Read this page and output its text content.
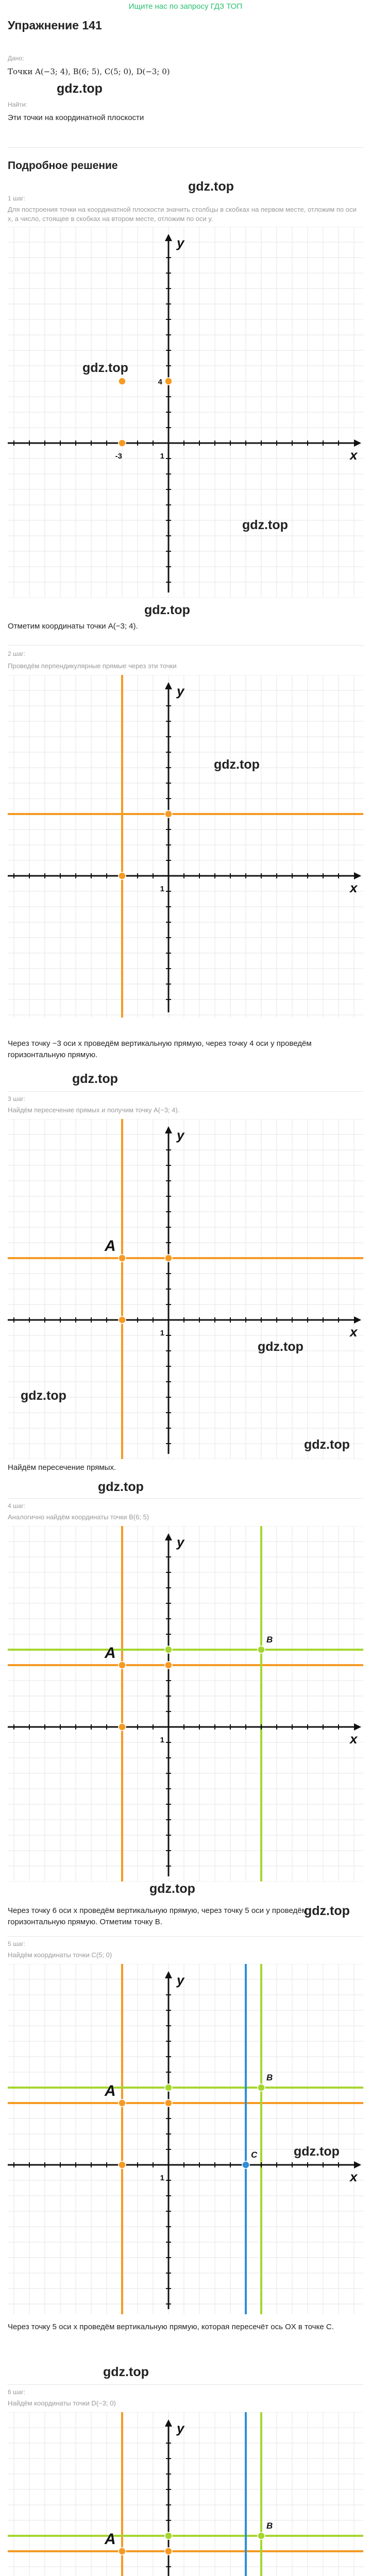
Ищите нас по запросу ГДЗ ТОП
Упражнение 141
Дано:
Точки A(−3; 4), B(6; 5), C(5; 0), D(−3; 0)
gdz.top
Найти:
Эти точки на координатной плоскости
Подробное решение
gdz.top
1 шаг:
Для построения точки на координатной плоскости значить столбцы в скобках на первом месте, отложим по оси x, а число, стоящее в скобках на втором месте, отложим по оси y.
x
y
4
-3	1
gdz.top
gdz.top
gdz.top
Отметим координаты точки A(−3; 4).
2 шаг:
Проведём перпендикулярные прямые через эти точки
x
y
1
gdz.top
Через точку −3 оси x проведём вертикальную прямую, через точку 4 оси y проведём горизонтальную прямую.
gdz.top
3 шаг:
Найдём пересечение прямых и получим точку A(−3; 4).
x
y
1
A
gdz.top
gdz.top
gdz.top
Найдём пересечение прямых.
gdz.top
4 шаг:
Аналогично найдём координаты точки B(6; 5)
x
y
1
A
B
gdz.top
Через точку 6 оси x проведём вертикальную прямую, через точку 5 оси y проведём горизонтальную прямую. Отметим точку B.
gdz.top
5 шаг:
Найдём координаты точки C(5; 0)
x
y
1
A
B
C	gdz.top
Через точку 5 оси x проведём вертикальную прямую, которая пересечёт ось OX в точке C.
gdz.top
6 шаг:
Найдём координаты точки D(−3; 0)
y
A
B
